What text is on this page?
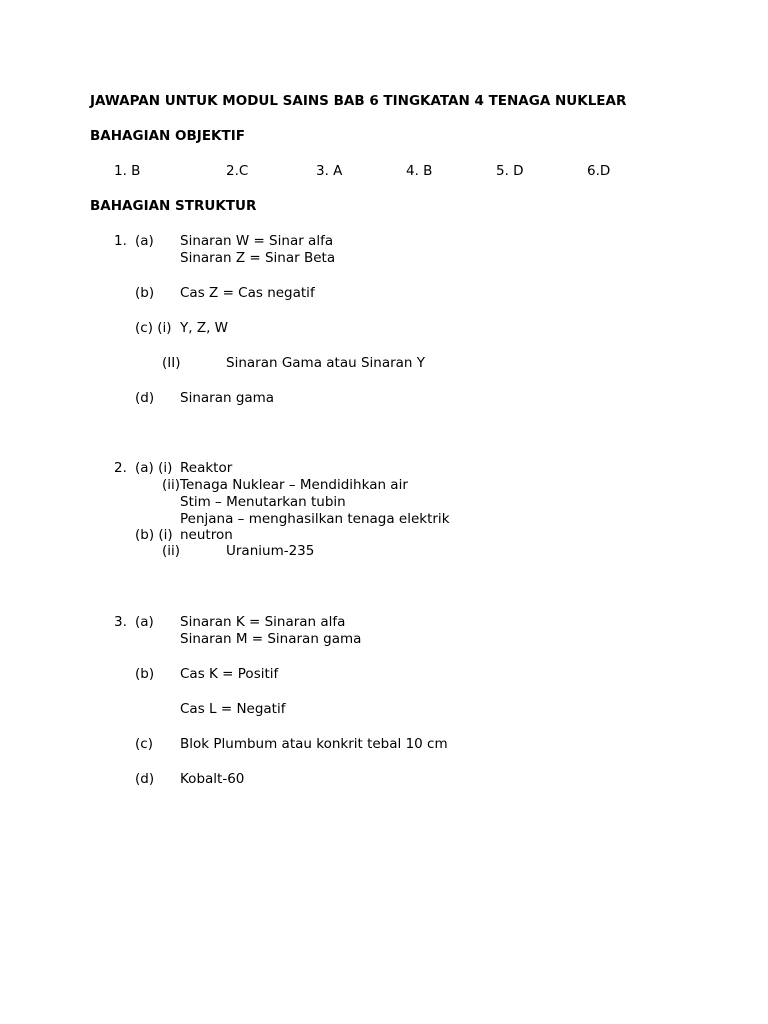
JAWAPAN UNTUK MODUL SAINS BAB 6 TINGKATAN 4 TENAGA NUKLEAR
BAHAGIAN OBJEKTIF
1. B	2.C	3. A	4. B	5. D	6.D
BAHAGIAN STRUKTUR
1. (a) Sinaran W = Sinar alfa
Sinaran Z = Sinar Beta
(b) Cas Z = Cas negatif
(c) (i) Y, Z, W
(II)	Sinaran Gama atau Sinaran Y
(d) Sinaran gama
2. (a) (i) Reaktor
(ii) Tenaga Nuklear – Mendidihkan air
Stim – Menutarkan tubin
Penjana – menghasilkan tenaga elektrik
(b) (i) neutron
(ii)	Uranium-235
3. (a) Sinaran K = Sinaran alfa
Sinaran M = Sinaran gama
(b) Cas K = Positif
Cas L = Negatif
(c) Blok Plumbum atau konkrit tebal 10 cm
(d) Kobalt-60
